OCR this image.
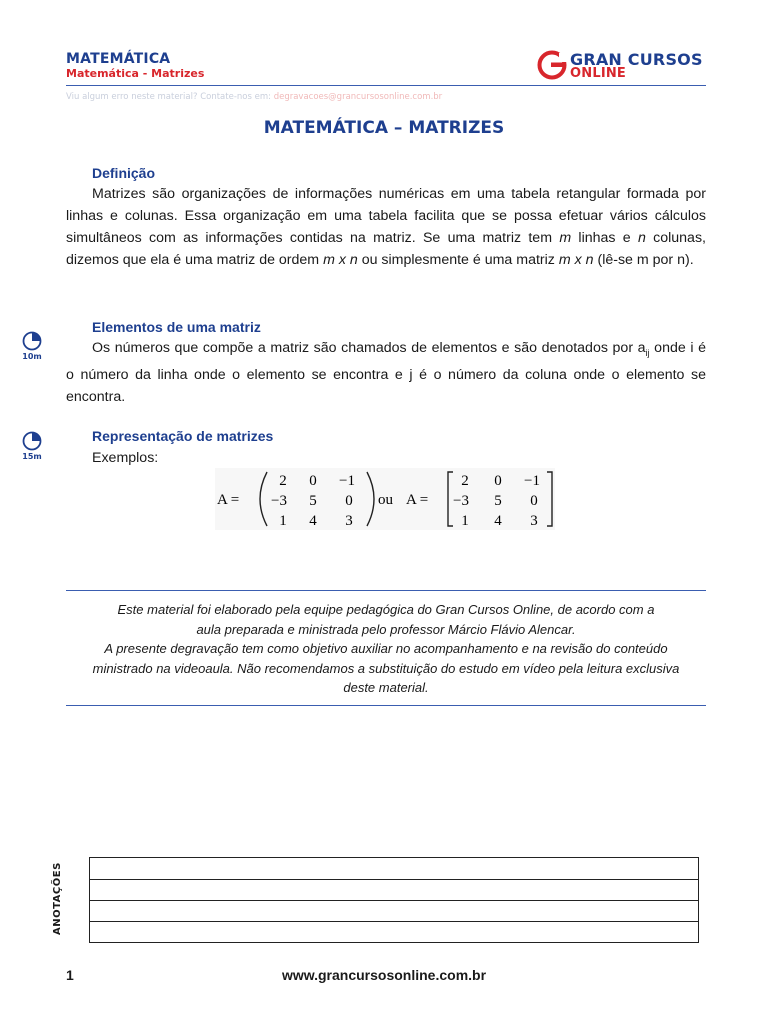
MATEMÁTICA
Matemática - Matrizes
GRAN CURSOS
ONLINE
Viu algum erro neste material? Contate-nos em: degravacoes@grancursosonline.com.br
MATEMÁTICA – MATRIZES
Definição
Matrizes são organizações de informações numéricas em uma tabela retangular formada por linhas e colunas. Essa organização em uma tabela facilita que se possa efetuar vários cálculos simultâneos com as informações contidas na matriz. Se uma matriz tem m linhas e n colunas, dizemos que ela é uma matriz de ordem m x n ou simplesmente é uma matriz m x n (lê-se m por n).
10m
Elementos de uma matriz
Os números que compõe a matriz são chamados de elementos e são denotados por $a_{ij}$ onde i é o número da linha onde o elemento se encontra e j é o número da coluna onde o elemento se encontra.
15m
Representação de matrizes
Exemplos:
A =
2 0 −1
−3 5 0
1 4 3
ou A =
2 0 −1
−3 5 0
1 4 3
Este material foi elaborado pela equipe pedagógica do Gran Cursos Online, de acordo com a aula preparada e ministrada pelo professor Márcio Flávio Alencar.
A presente degravação tem como objetivo auxiliar no acompanhamento e na revisão do conteúdo ministrado na videoaula. Não recomendamos a substituição do estudo em vídeo pela leitura exclusiva deste material.
ANOTAÇÕES
1	www.grancursosonline.com.br
